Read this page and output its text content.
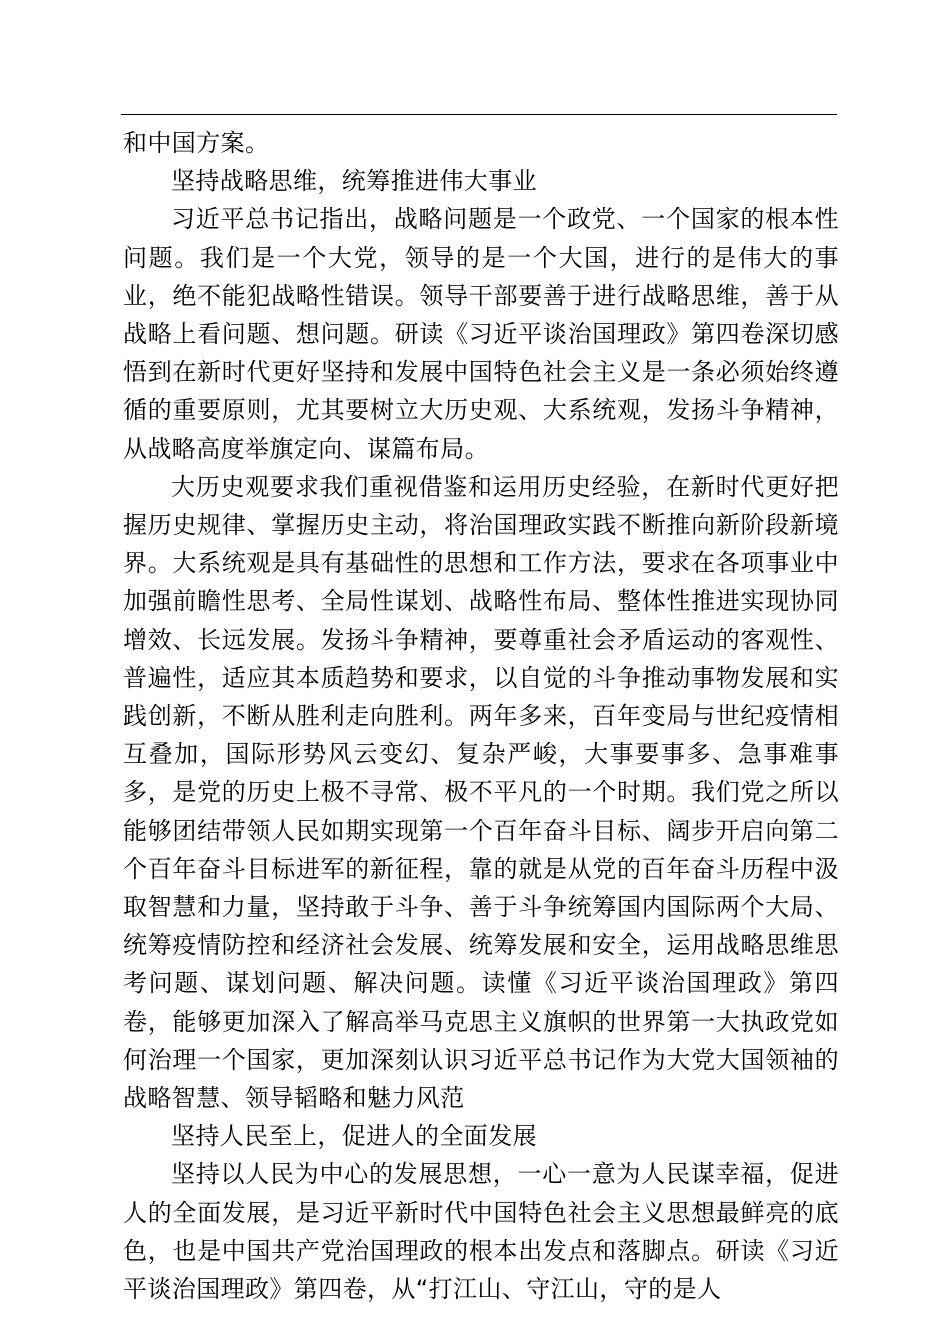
和中国方案。

坚持战略思维，统筹推进伟大事业

习近平总书记指出，战略问题是一个政党、一个国家的根本性问题。我们是一个大党，领导的是一个大国，进行的是伟大的事业，绝不能犯战略性错误。领导干部要善于进行战略思维，善于从战略上看问题、想问题。研读《习近平谈治国理政》第四卷深切感悟到在新时代更好坚持和发展中国特色社会主义是一条必须始终遵循的重要原则，尤其要树立大历史观、大系统观，发扬斗争精神，从战略高度举旗定向、谋篇布局。

大历史观要求我们重视借鉴和运用历史经验，在新时代更好把握历史规律、掌握历史主动，将治国理政实践不断推向新阶段新境界。大系统观是具有基础性的思想和工作方法，要求在各项事业中加强前瞻性思考、全局性谋划、战略性布局、整体性推进实现协同增效、长远发展。发扬斗争精神，要尊重社会矛盾运动的客观性、普遍性，适应其本质趋势和要求，以自觉的斗争推动事物发展和实践创新，不断从胜利走向胜利。两年多来，百年变局与世纪疫情相互叠加，国际形势风云变幻、复杂严峻，大事要事多、急事难事多，是党的历史上极不寻常、极不平凡的一个时期。我们党之所以能够团结带领人民如期实现第一个百年奋斗目标、阔步开启向第二个百年奋斗目标进军的新征程，靠的就是从党的百年奋斗历程中汲取智慧和力量，坚持敢于斗争、善于斗争统筹国内国际两个大局、统筹疫情防控和经济社会发展、统筹发展和安全，运用战略思维思考问题、谋划问题、解决问题。读懂《习近平谈治国理政》第四卷，能够更加深入了解高举马克思主义旗帜的世界第一大执政党如何治理一个国家，更加深刻认识习近平总书记作为大党大国领袖的战略智慧、领导韬略和魅力风范

坚持人民至上，促进人的全面发展

坚持以人民为中心的发展思想，一心一意为人民谋幸福，促进人的全面发展，是习近平新时代中国特色社会主义思想最鲜亮的底色，也是中国共产党治国理政的根本出发点和落脚点。研读《习近平谈治国理政》第四卷，从“打江山、守江山，守的是人
